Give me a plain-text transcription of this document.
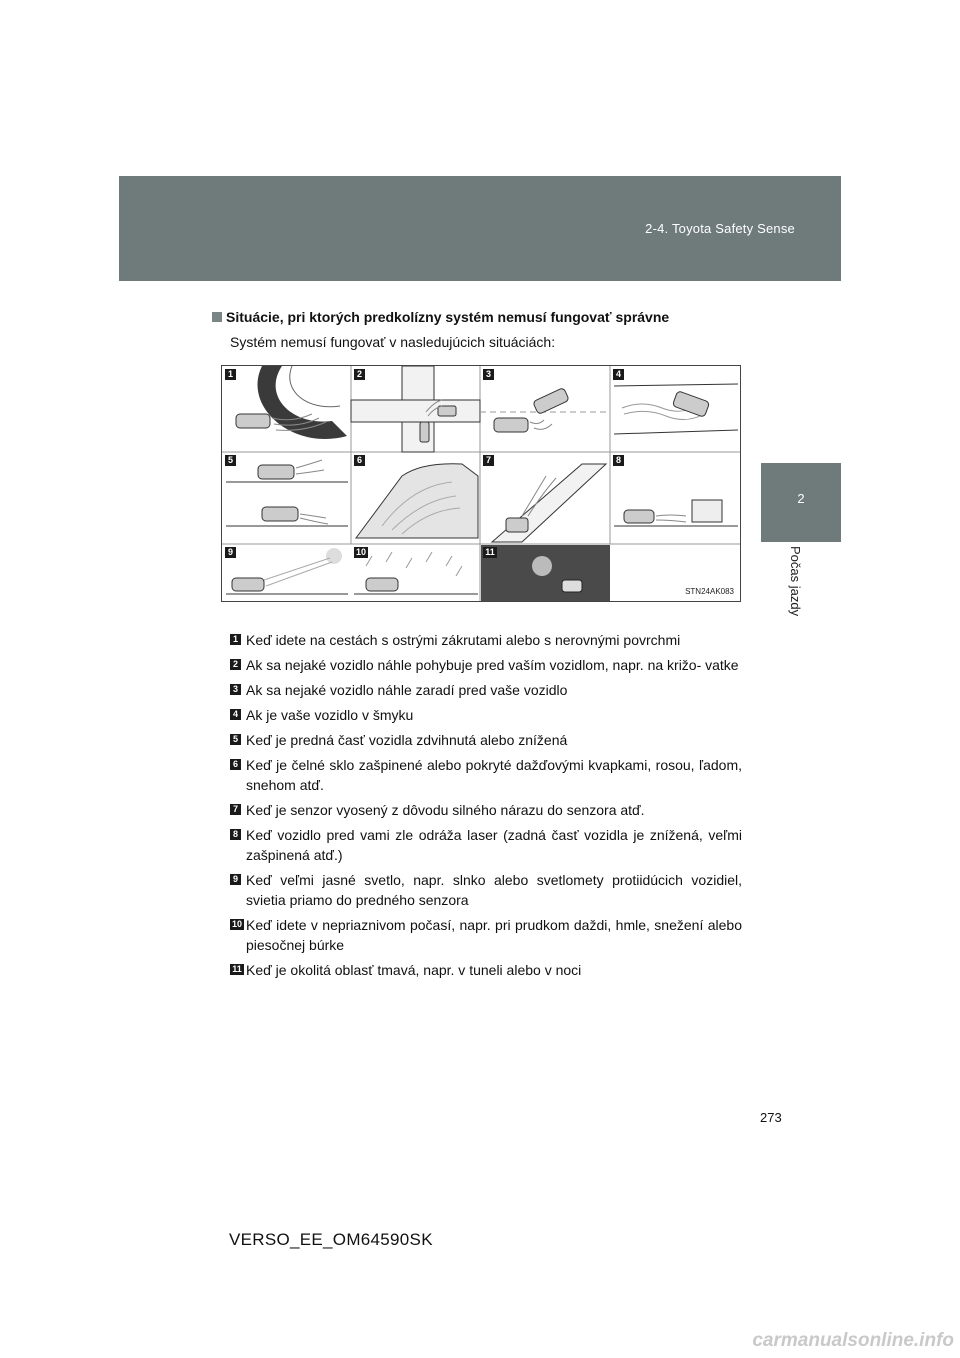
2-4. Toyota Safety Sense
2
Počas jazdy
Situácie, pri ktorých predkolízny systém nemusí fungovať správne
Systém nemusí fungovať v nasledujúcich situáciách:
1	2	3	4
5	6	7	8
9	10	11
STN24AK083
1 Keď idete na cestách s ostrými zákrutami alebo s nerovnými povrchmi

2 Ak sa nejaké vozidlo náhle pohybuje pred vaším vozidlom, napr. na križo- vatke

3 Ak sa nejaké vozidlo náhle zaradí pred vaše vozidlo

4 Ak je vaše vozidlo v šmyku

5 Keď je predná časť vozidla zdvihnutá alebo znížená

6 Keď je čelné sklo zašpinené alebo pokryté dažďovými kvapkami, rosou, ľadom, snehom atď.

7 Keď je senzor vyosený z dôvodu silného nárazu do senzora atď.

8 Keď vozidlo pred vami zle odráža laser (zadná časť vozidla je znížená, veľmi zašpinená atď.)

9 Keď veľmi jasné svetlo, napr. slnko alebo svetlomety protiidúcich vozidiel, svietia priamo do predného senzora

10 Keď idete v nepriaznivom počasí, napr. pri prudkom daždi, hmle, snežení alebo piesočnej búrke

11 Keď je okolitá oblasť tmavá, napr. v tuneli alebo v noci

273
VERSO_EE_OM64590SK
carmanualsonline.info
